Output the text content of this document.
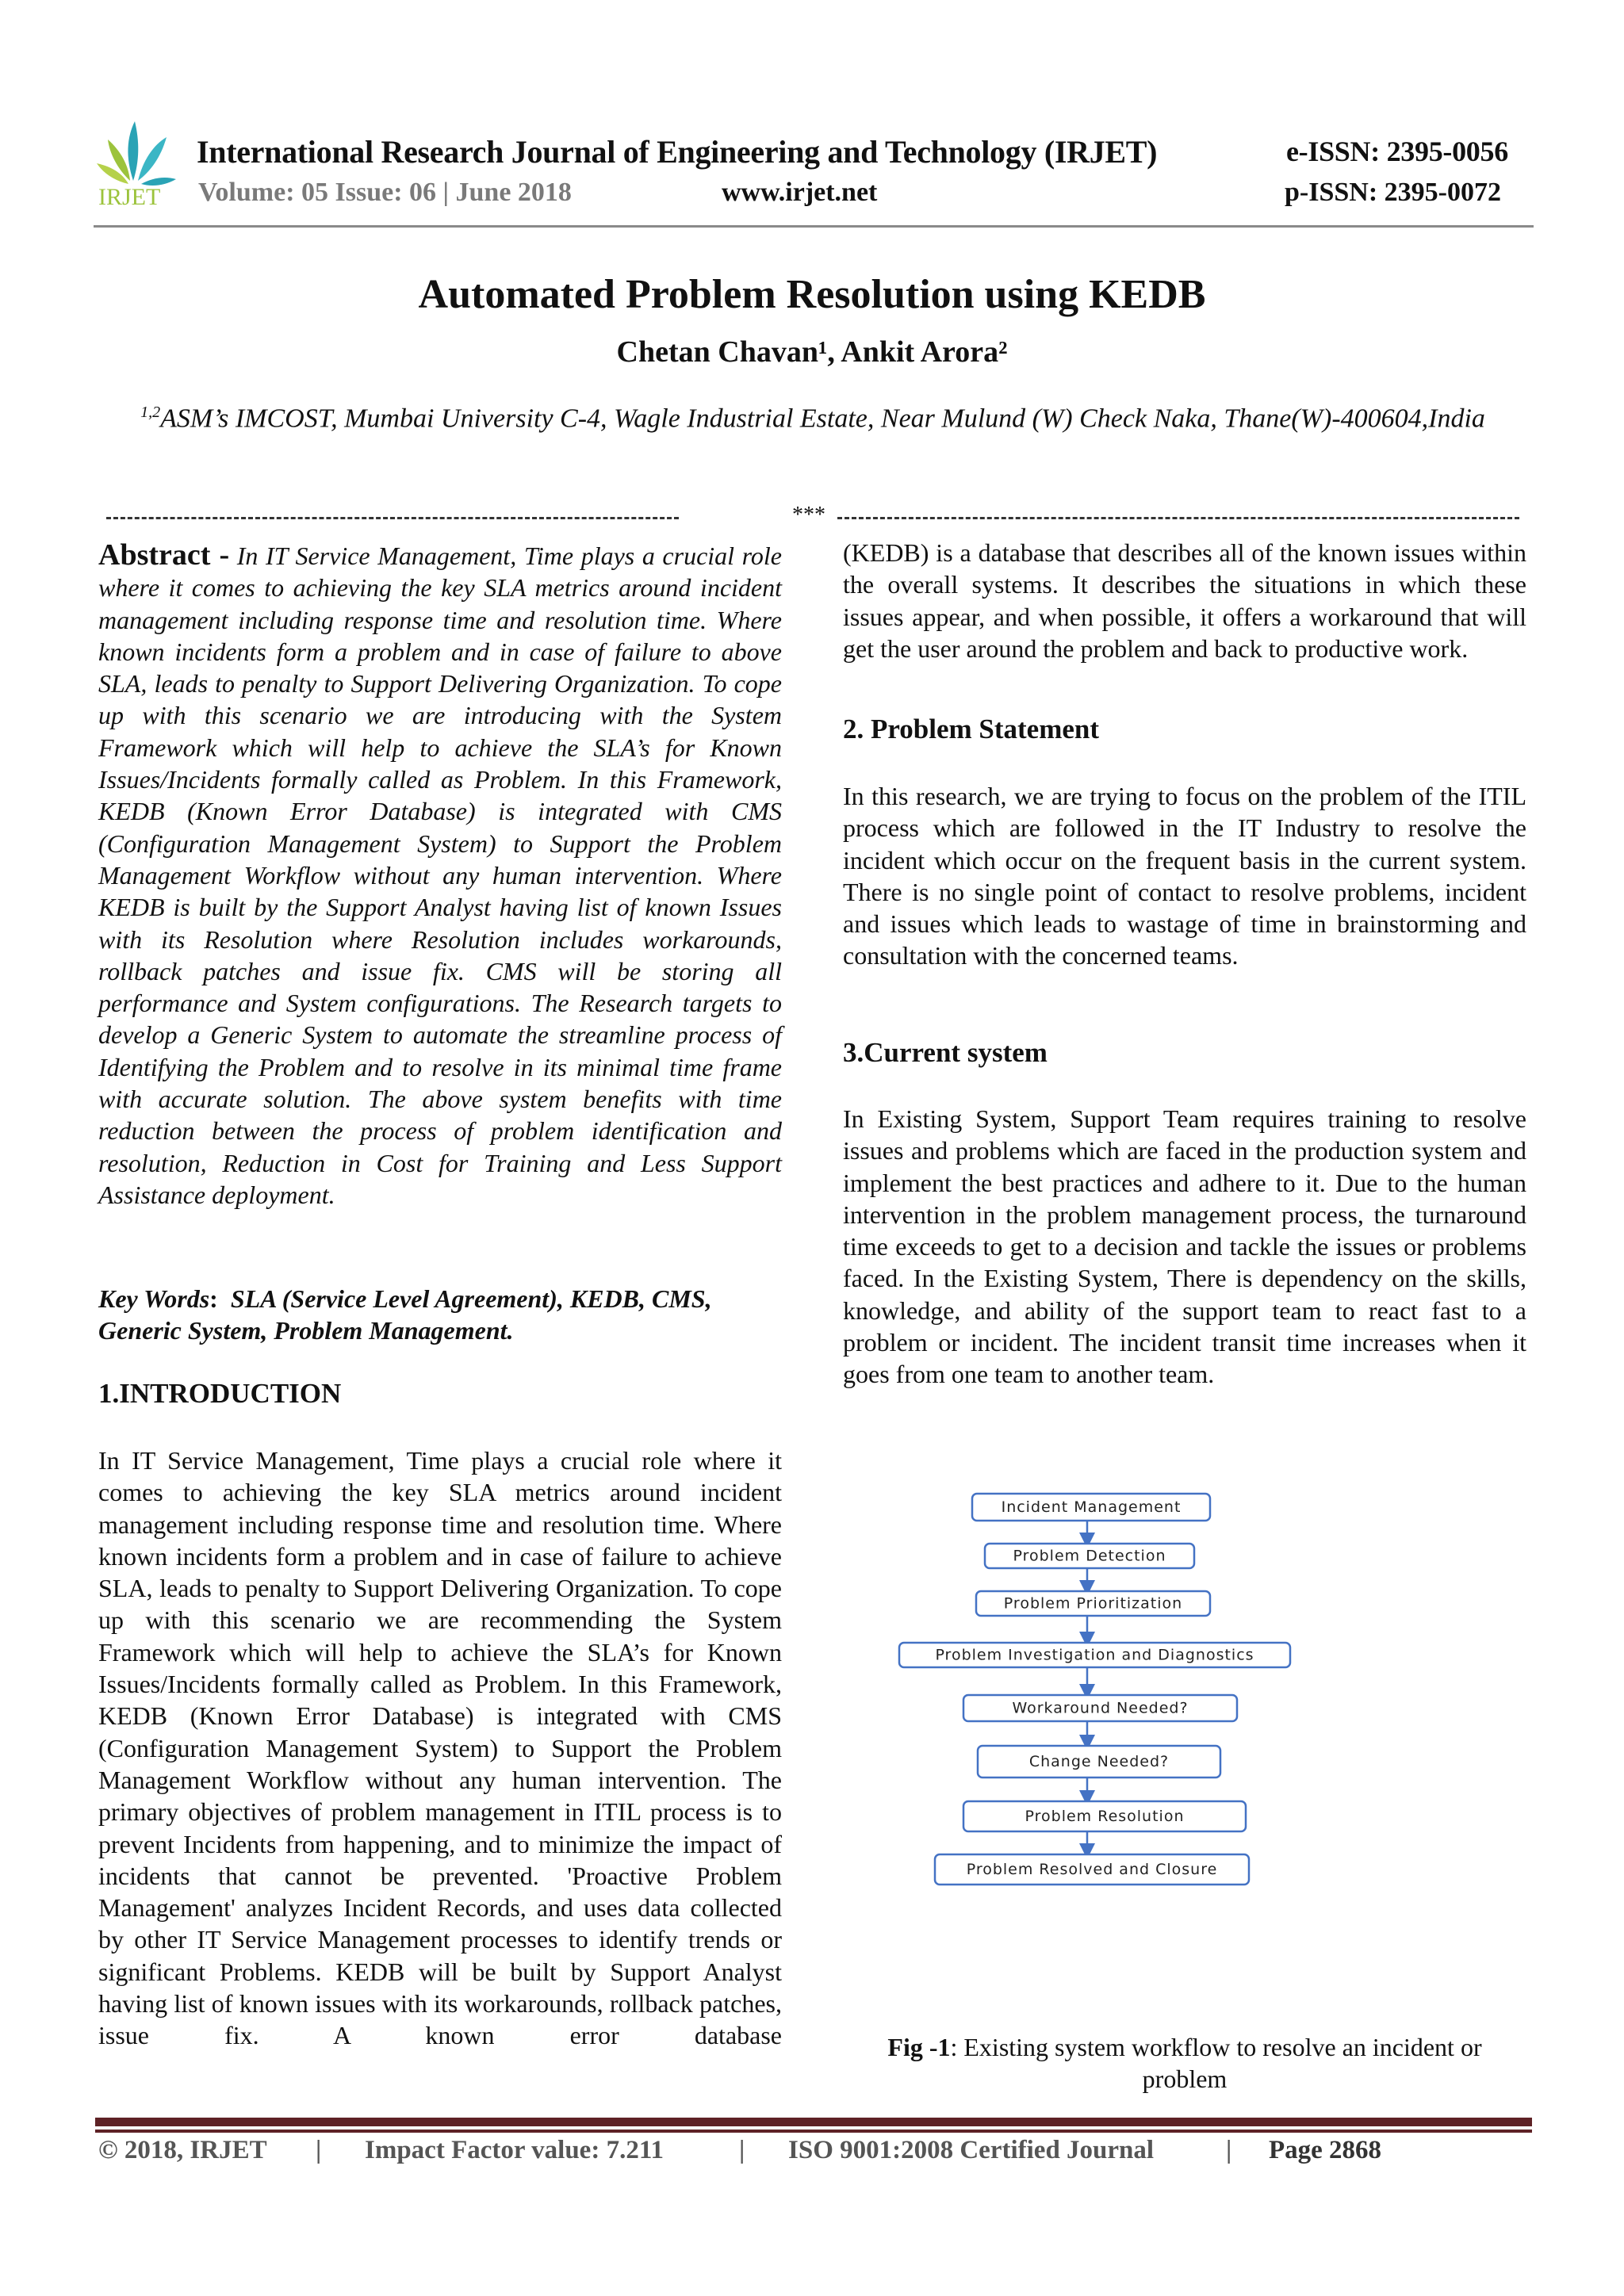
IRJET
International Research Journal of Engineering and Technology (IRJET)	e-ISSN: 2395-0056
Volume: 05 Issue: 06 | June 2018	www.irjet.net	p-ISSN: 2395-0072
Automated Problem Resolution using KEDB
Chetan Chavan¹, Ankit Arora²
$^{1,2}$ASM’s IMCOST, Mumbai University C-4, Wagle Industrial Estate, Near Mulund (W) Check Naka, Thane(W)-400604,India
***

Abstract - In IT Service Management, Time plays a crucial role where it comes to achieving the key SLA metrics around incident management including response time and resolution time. Where known incidents form a problem and in case of failure to above SLA, leads to penalty to Support Delivering Organization. To cope up with this scenario we are introducing with the System Framework which will help to achieve the SLA’s for Known Issues/Incidents formally called as Problem. In this Framework, KEDB (Known Error Database) is integrated with CMS (Configuration Management System) to Support the Problem Management Workflow without any human intervention. Where KEDB is built by the Support Analyst having list of known Issues with its Resolution where Resolution includes workarounds, rollback patches and issue fix. CMS will be storing all performance and System configurations. The Research targets to develop a Generic System to automate the streamline process of Identifying the Problem and to resolve in its minimal time frame with accurate solution. The above system benefits with time reduction between the process of problem identification and resolution, Reduction in Cost for Training and Less Support Assistance deployment.

Key Words: SLA (Service Level Agreement), KEDB, CMS, Generic System, Problem Management.
1.INTRODUCTION

In IT Service Management, Time plays a crucial role where it comes to achieving the key SLA metrics around incident management including response time and resolution time. Where known incidents form a problem and in case of failure to achieve SLA, leads to penalty to Support Delivering Organization. To cope up with this scenario we are recommending the System Framework which will help to achieve the SLA’s for Known Issues/Incidents formally called as Problem. In this Framework, KEDB (Known Error Database) is integrated with CMS (Configuration Management System) to Support the Problem Management Workflow without any human intervention. The primary objectives of problem management in ITIL process is to prevent Incidents from happening, and to minimize the impact of incidents that cannot be prevented. 'Proactive Problem Management' analyzes Incident Records, and uses data collected by other IT Service Management processes to identify trends or significant Problems. KEDB will be built by Support Analyst having list of known issues with its workarounds, rollback patches, issue fix. A known error database

(KEDB) is a database that describes all of the known issues within the overall systems. It describes the situations in which these issues appear, and when possible, it offers a workaround that will get the user around the problem and back to productive work.

2. Problem Statement

In this research, we are trying to focus on the problem of the ITIL process which are followed in the IT Industry to resolve the incident which occur on the frequent basis in the current system. There is no single point of contact to resolve problems, incident and issues which leads to wastage of time in brainstorming and consultation with the concerned teams.

3.Current system

In Existing System, Support Team requires training to resolve issues and problems which are faced in the production system and implement the best practices and adhere to it. Due to the human intervention in the problem management process, the turnaround time exceeds to get to a decision and tackle the issues or problems faced. In the Existing System, There is dependency on the skills, knowledge, and ability of the support team to react fast to a problem or incident. The incident transit time increases when it goes from one team to another team.

Incident Management
Problem Detection
Problem Prioritization
Problem Investigation and Diagnostics
Workaround Needed?
Change Needed?
Problem Resolution
Problem Resolved and Closure
Fig -1: Existing system workflow to resolve an incident or problem
© 2018, IRJET | Impact Factor value: 7.211	| ISO 9001:2008 Certified Journal	| Page 2868
